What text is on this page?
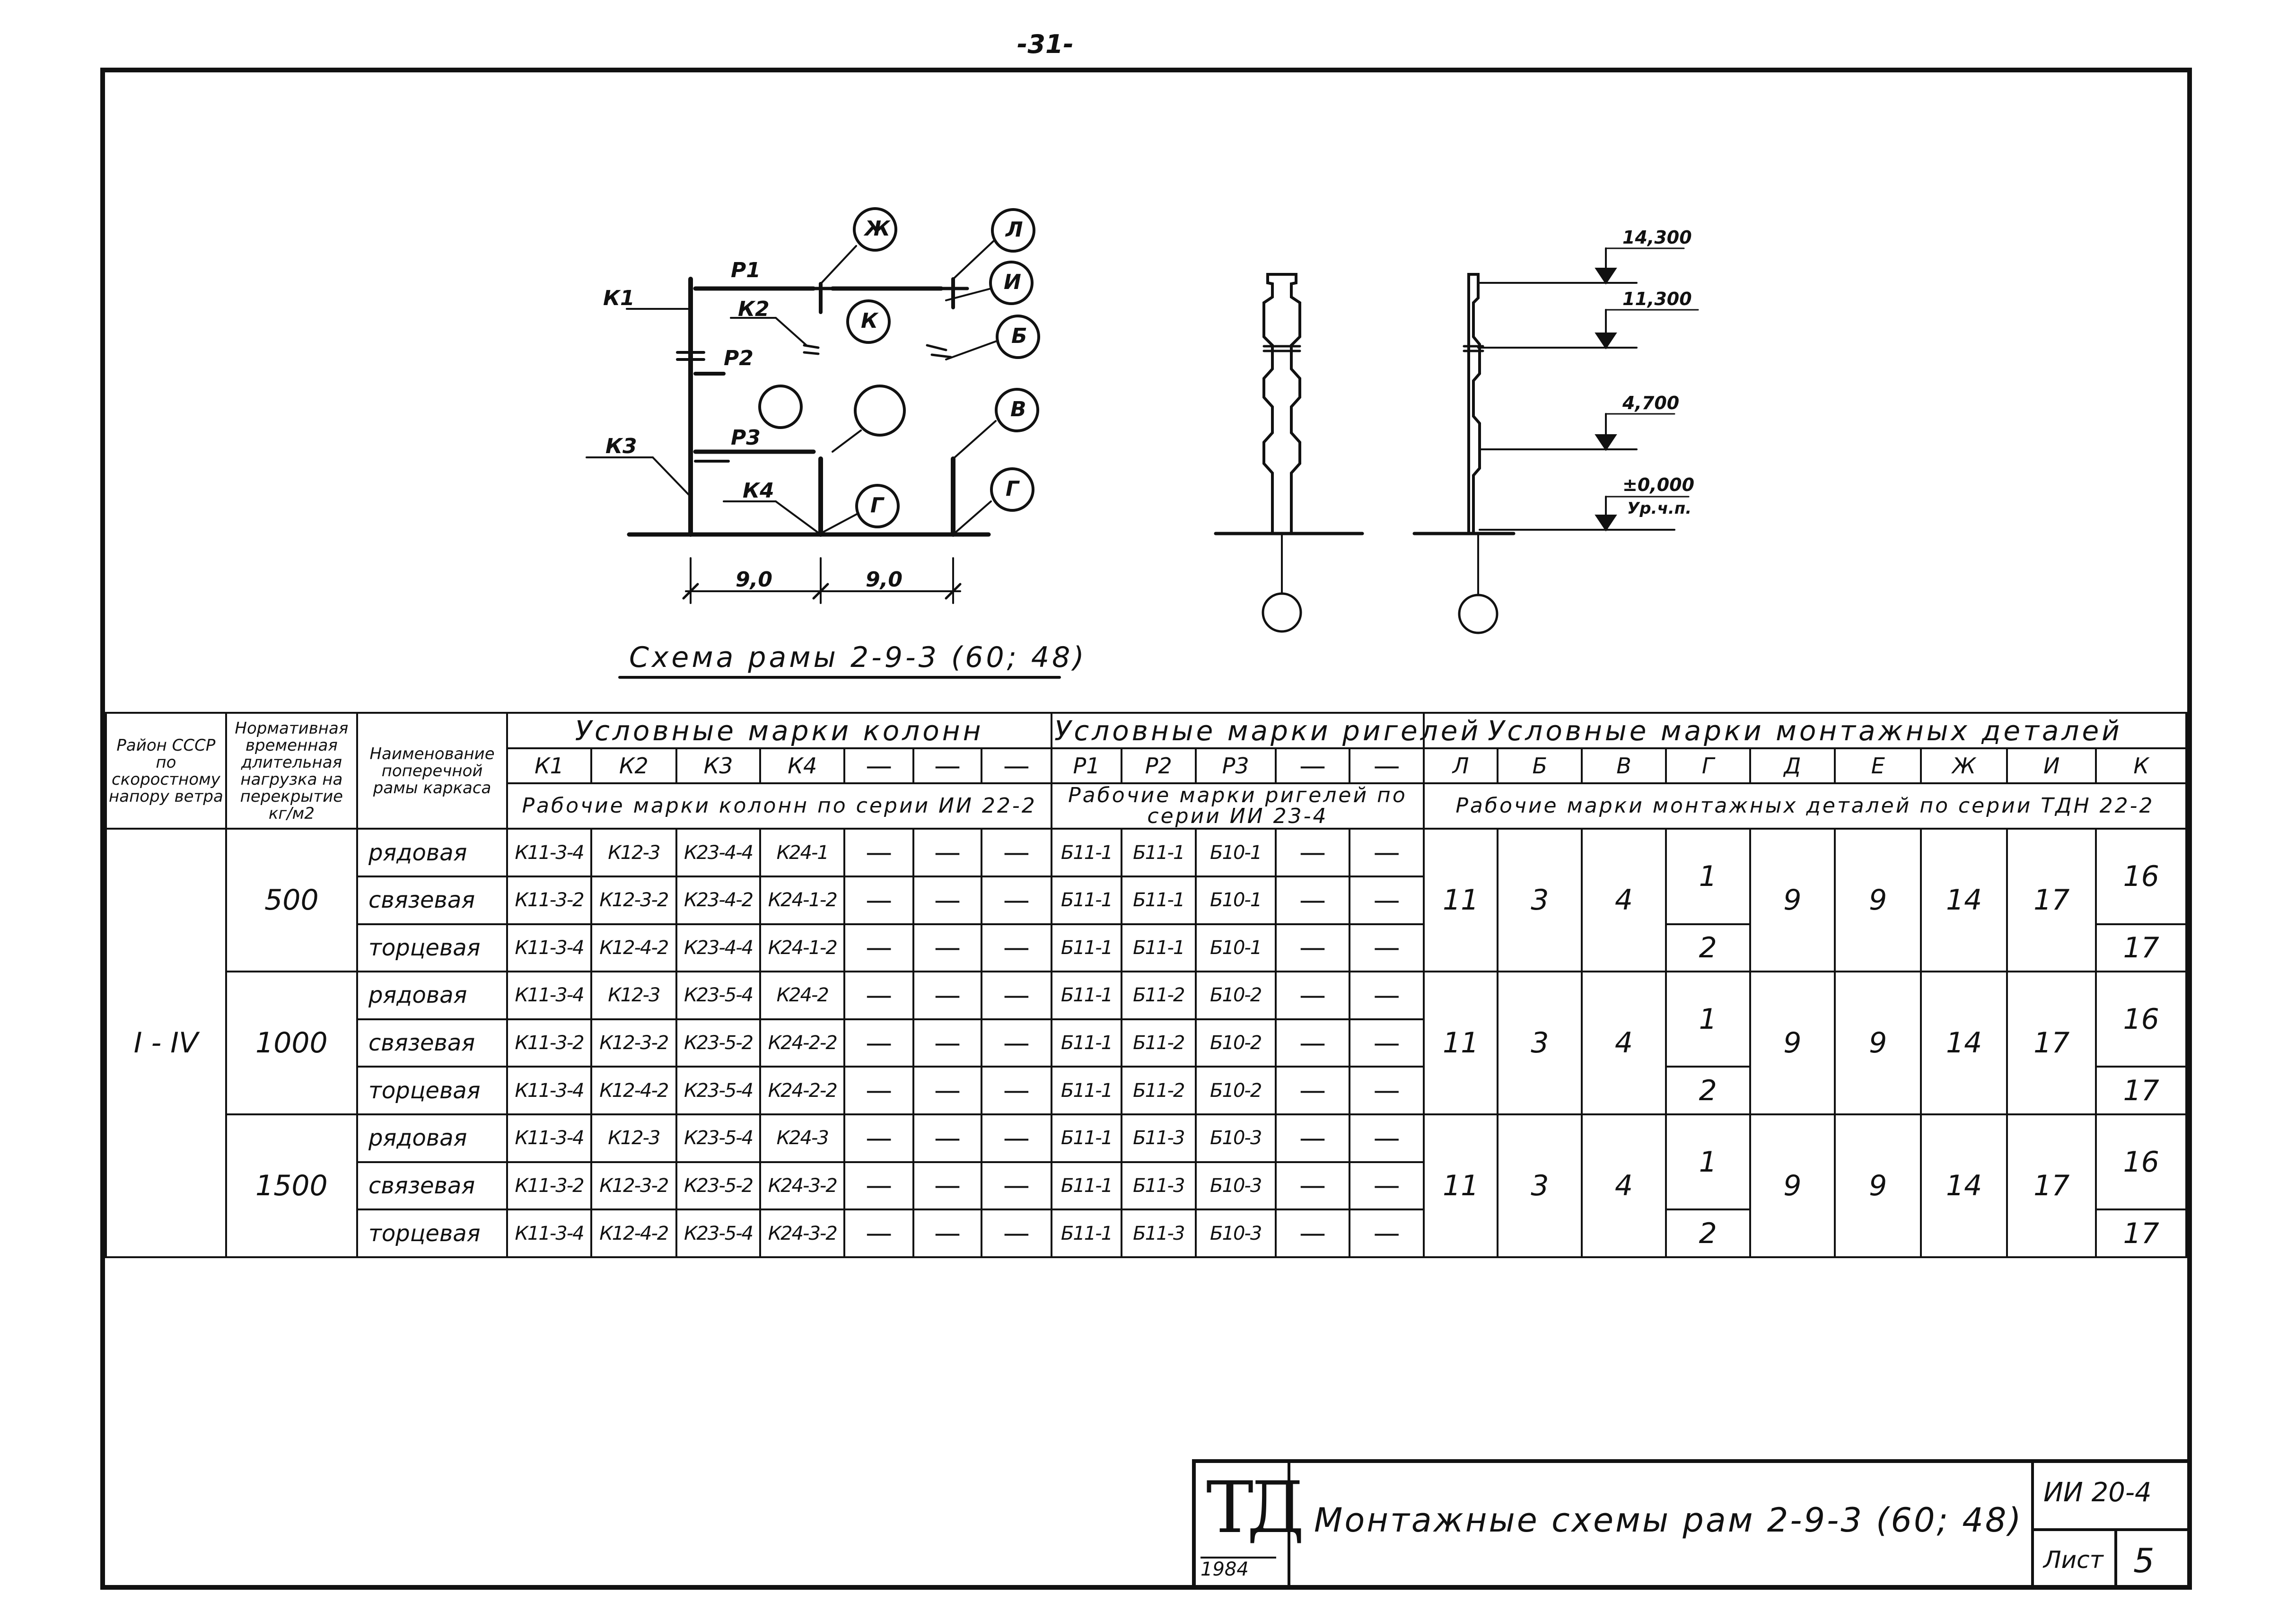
-31-
К1
Р1
К2
Р2
Р3
К3
К4
9,0	9,0
Ж	Л
И
К
Б
В
Г
Г
14,300
11,300
4,700
±0,000
Ур.ч.п.
Схема рамы 2-9-3 (60; 48)
Район СССР по скоростному напору ветра	Нормативная временная длительная нагрузка на перекрытие кг/м2	Наименование поперечной рамы каркаса	Условные марки колонн							Условные марки ригелей					Условные марки монтажных деталей								
			К1	К2	К3	К4	—	—	—	Р1	Р2	Р3	—	—	Л	Б	В	Г	Д	Е	Ж	И	К
			Рабочие марки колонн по серии ИИ 22-2							Рабочие марки ригелей по серии ИИ 23-4					Рабочие марки монтажных деталей по серии ТДН 22-2								
I - IV	500	рядовая	К11-3-4	К12-3	К23-4-4	К24-1	—	—	—	Б11-1	Б11-1	Б10-1	—	—	11	3	4	1	9	9	14	17	16
		связевая	К11-3-2	К12-3-2	К23-4-2	К24-1-2	—	—	—	Б11-1	Б11-1	Б10-1	—	—									
		торцевая	К11-3-4	К12-4-2	К23-4-4	К24-1-2	—	—	—	Б11-1	Б11-1	Б10-1	—	—				2					17
	1000	рядовая	К11-3-4	К12-3	К23-5-4	К24-2	—	—	—	Б11-1	Б11-2	Б10-2	—	—	11	3	4	1	9	9	14	17	16
		связевая	К11-3-2	К12-3-2	К23-5-2	К24-2-2	—	—	—	Б11-1	Б11-2	Б10-2	—	—									
		торцевая	К11-3-4	К12-4-2	К23-5-4	К24-2-2	—	—	—	Б11-1	Б11-2	Б10-2	—	—				2					17
	1500	рядовая	К11-3-4	К12-3	К23-5-4	К24-3	—	—	—	Б11-1	Б11-3	Б10-3	—	—	11	3	4	1	9	9	14	17	16
		связевая	К11-3-2	К12-3-2	К23-5-2	К24-3-2	—	—	—	Б11-1	Б11-3	Б10-3	—	—									
		торцевая	К11-3-4	К12-4-2	К23-5-4	К24-3-2	—	—	—	Б11-1	Б11-3	Б10-3	—	—				2					17
ТД
1984
Монтажные схемы рам 2-9-3 (60; 48)
ИИ 20-4
Лист 5
